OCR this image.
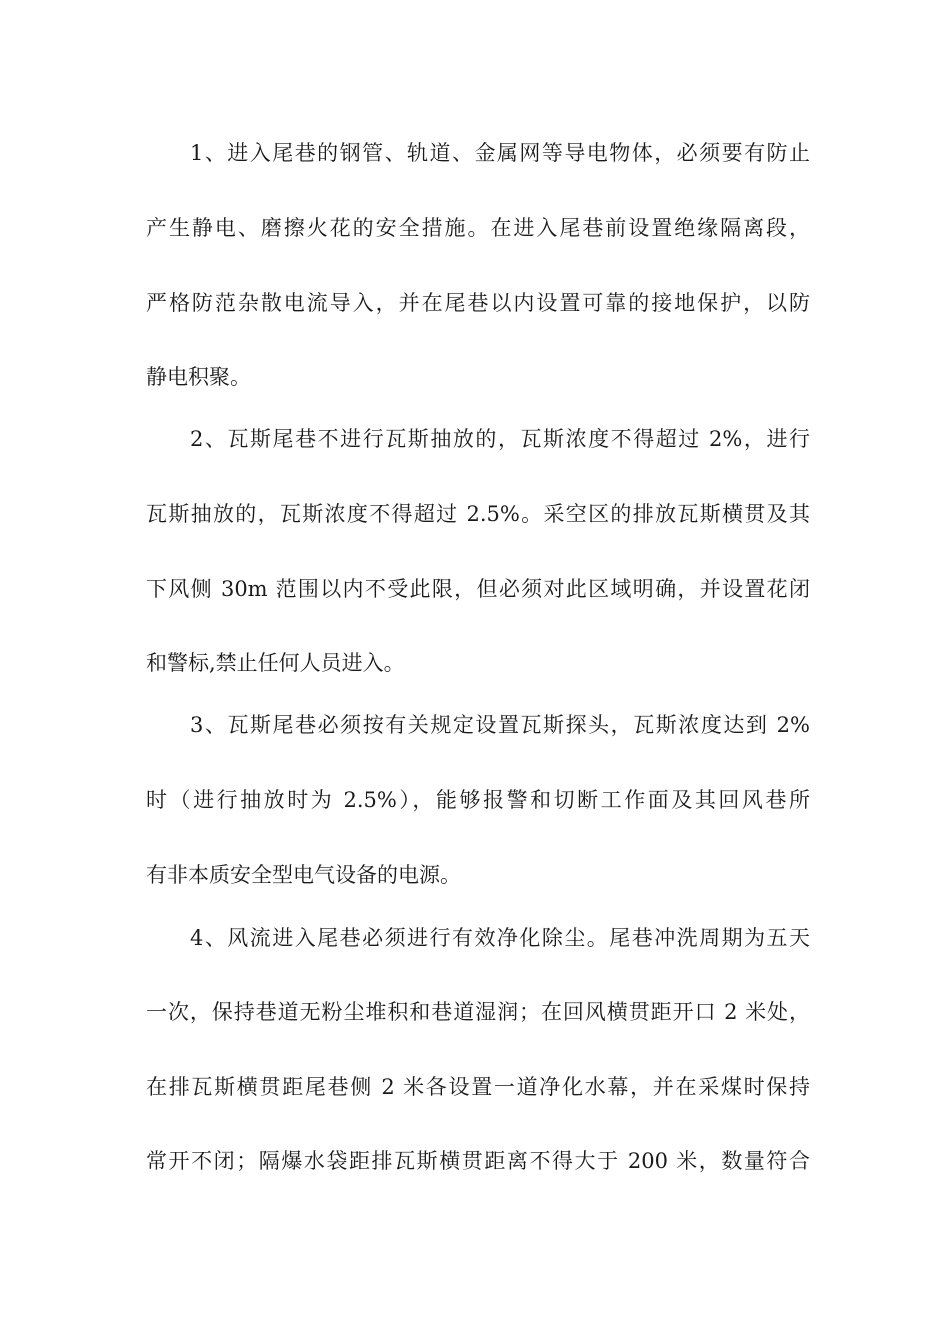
1、进入尾巷的钢管、轨道、金属网等导电物体，必须要有防止
产生静电、磨擦火花的安全措施。在进入尾巷前设置绝缘隔离段，
严格防范杂散电流导入，并在尾巷以内设置可靠的接地保护，以防
静电积聚。
2、瓦斯尾巷不进行瓦斯抽放的，瓦斯浓度不得超过 2%，进行
瓦斯抽放的，瓦斯浓度不得超过 2.5%。采空区的排放瓦斯横贯及其
下风侧 30m 范围以内不受此限，但必须对此区域明确，并设置花闭
和警标,禁止任何人员进入。
3、瓦斯尾巷必须按有关规定设置瓦斯探头，瓦斯浓度达到 2%
时（进行抽放时为 2.5%），能够报警和切断工作面及其回风巷所
有非本质安全型电气设备的电源。
4、风流进入尾巷必须进行有效净化除尘。尾巷冲洗周期为五天
一次，保持巷道无粉尘堆积和巷道湿润；在回风横贯距开口 2 米处，
在排瓦斯横贯距尾巷侧 2 米各设置一道净化水幕，并在采煤时保持
常开不闭；隔爆水袋距排瓦斯横贯距离不得大于 200 米，数量符合
